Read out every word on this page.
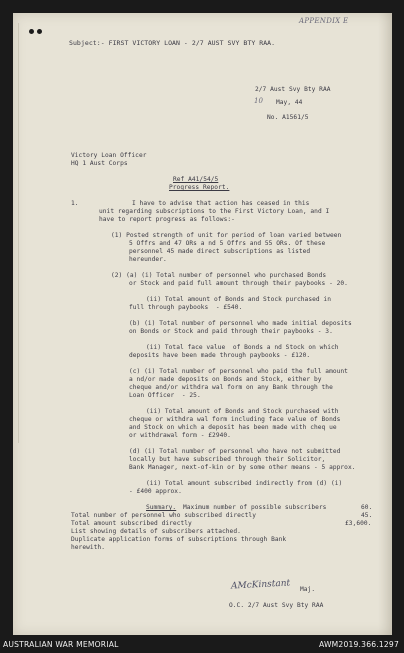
APPENDIX E

Subject:- FIRST VICTORY LOAN - 2/7 AUST SVY BTY RAA.

2/7 Aust Svy Bty RAA

10 May, 44

No. A1561/5

Victory Loan Officer

HQ 1 Aust Corps

Ref A41/54/5

Progress Report.

1.	I have to advise that action has ceased in this

unit regarding subscriptions to the First Victory Loan, and I

have to report progress as follows:-

(1) Posted strength of unit for period of loan varied between

5 Offrs and 47 ORs a nd 5 Offrs and 55 ORs. Of these

personnel 45 made direct subscriptions as listed

hereunder.

(2) (a) (i) Total number of personnel who purchased Bonds

or Stock and paid full amount through their paybooks - 20.

(ii) Total amount of Bonds and Stock purchased in

full through paybooks  - £540.

(b) (i) Total number of personnel who made initial deposits

on Bonds or Stock and paid through their paybooks - 3.

(ii) Total face value  of Bonds a nd Stock on which

deposits have been made through paybooks - £120.

(c) (i) Total number of personnel who paid the full amount

a nd/or made deposits on Bonds and Stock, either by

cheque and/or withdra wal form on any Bank through the

Loan Officer  - 25.

(ii) Total amount of Bonds and Stock purchased with

cheque or withdra wal form including face value of Bonds

and Stock on which a deposit has been made with cheq ue

or withdrawal form - £2940.

(d) (i) Total number of personnel who have not submitted

locally but have subscribed through their Solicitor,

Bank Manager, next-of-kin or by some other means - 5 approx.

(ii) Total amount subscribed indirectly from (d) (i)

- £400 approx.

Summary. Maximum number of possible subscribers	60.

Total number of personnel who subscribed directly	45.

Total amount subscribed directly	£3,600.

List showing details of subscribers attached.

Duplicate application forms of subscriptions through Bank

herewith.

AMcKinstant Maj.

O.C. 2/7 Aust Svy Bty RAA

AUSTRALIAN WAR MEMORIAL	AWM2019.366.1297
